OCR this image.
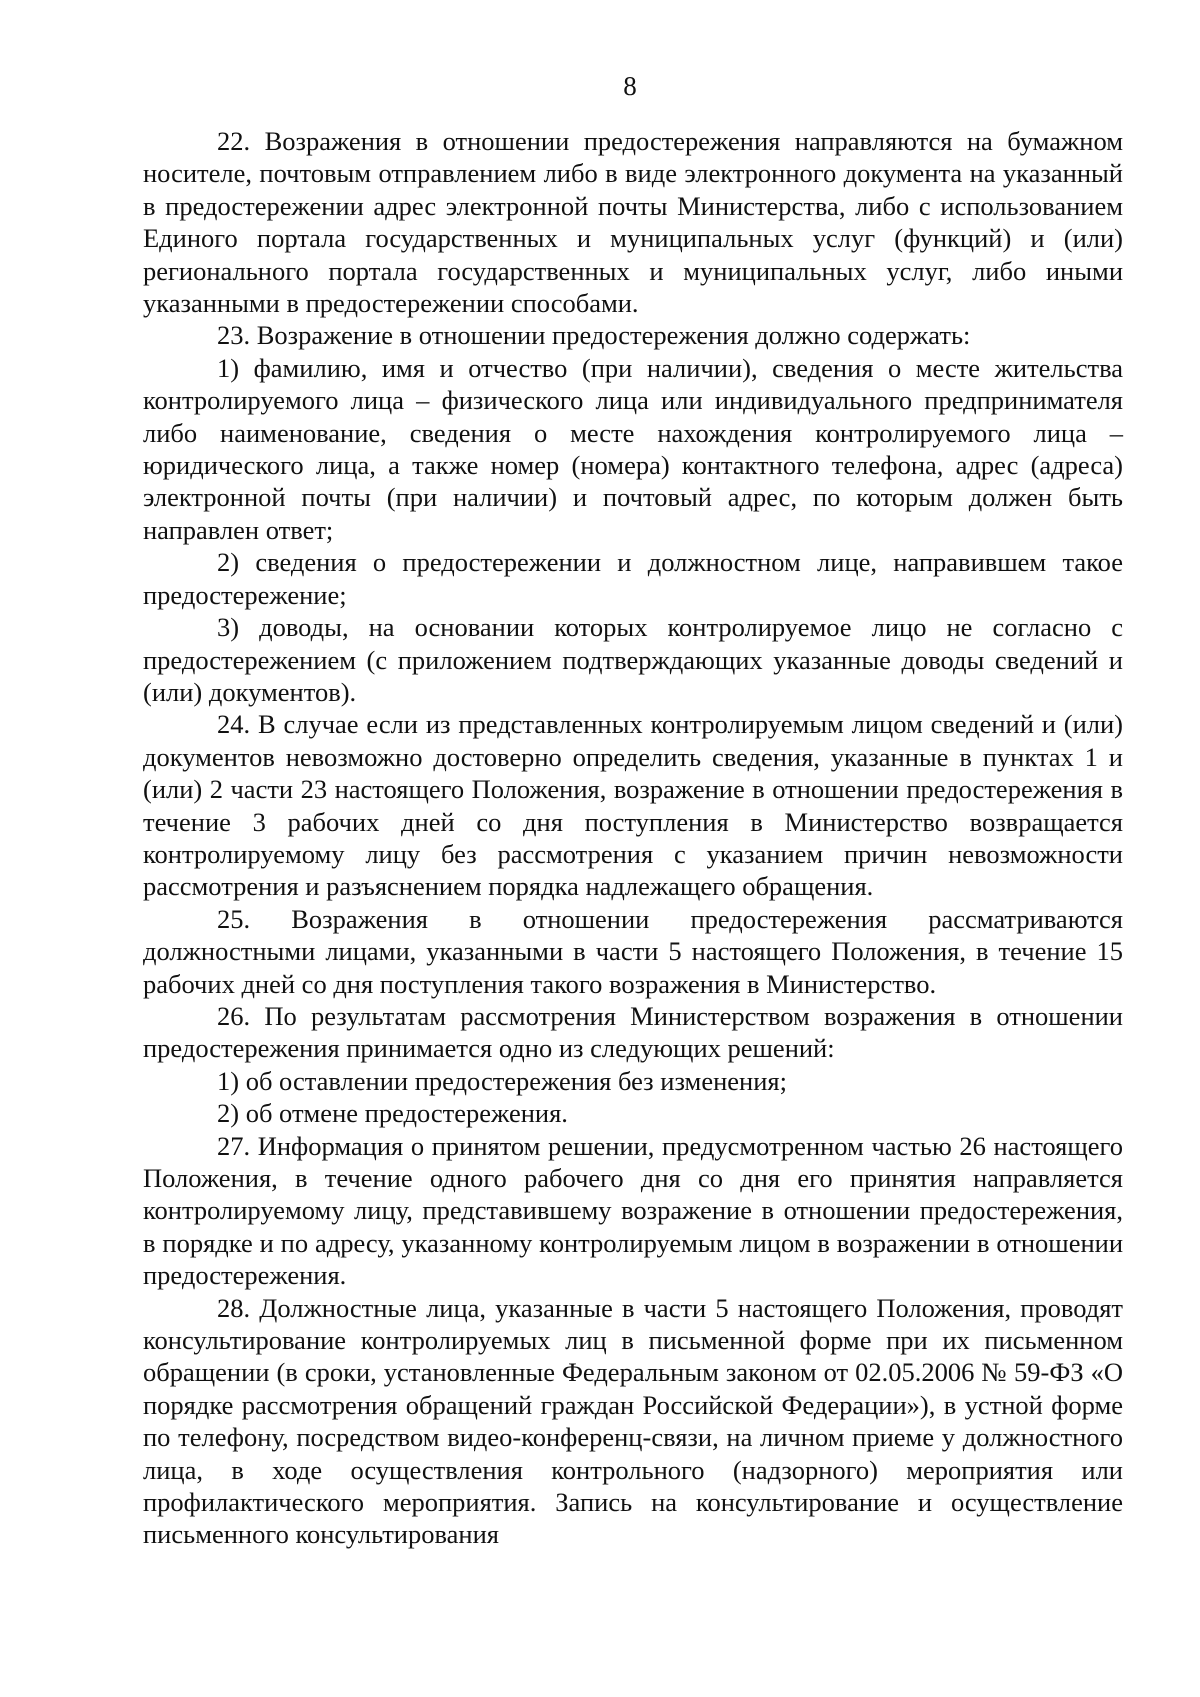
8

22. Возражения в отношении предостережения направляются на бумажном носителе, почтовым отправлением либо в виде электронного документа на указанный в предостережении адрес электронной почты Министерства, либо с использованием Единого портала государственных и муниципальных услуг (функций) и (или) регионального портала государственных и муниципальных услуг, либо иными указанными в предостережении способами.

23. Возражение в отношении предостережения должно содержать:

1) фамилию, имя и отчество (при наличии), сведения о месте жительства контролируемого лица – физического лица или индивидуального предпринимателя либо наименование, сведения о месте нахождения контролируемого лица – юридического лица, а также номер (номера) контактного телефона, адрес (адреса) электронной почты (при наличии) и почтовый адрес, по которым должен быть направлен ответ;

2) сведения о предостережении и должностном лице, направившем такое предостережение;

3) доводы, на основании которых контролируемое лицо не согласно с предостережением (с приложением подтверждающих указанные доводы сведений и (или) документов).

24. В случае если из представленных контролируемым лицом сведений и (или) документов невозможно достоверно определить сведения, указанные в пунктах 1 и (или) 2 части 23 настоящего Положения, возражение в отношении предостережения в течение 3 рабочих дней со дня поступления в Министерство возвращается контролируемому лицу без рассмотрения с указанием причин невозможности рассмотрения и разъяснением порядка надлежащего обращения.

25. Возражения в отношении предостережения рассматриваются должностными лицами, указанными в части 5 настоящего Положения, в течение 15 рабочих дней со дня поступления такого возражения в Министерство.

26. По результатам рассмотрения Министерством возражения в отношении предостережения принимается одно из следующих решений:

1) об оставлении предостережения без изменения;

2) об отмене предостережения.

27. Информация о принятом решении, предусмотренном частью 26 настоящего Положения, в течение одного рабочего дня со дня его принятия направляется контролируемому лицу, представившему возражение в отношении предостережения, в порядке и по адресу, указанному контролируемым лицом в возражении в отношении предостережения.

28. Должностные лица, указанные в части 5 настоящего Положения, проводят консультирование контролируемых лиц в письменной форме при их письменном обращении (в сроки, установленные Федеральным законом от 02.05.2006 № 59-ФЗ «О порядке рассмотрения обращений граждан Российской Федерации»), в устной форме по телефону, посредством видео-конференц-связи, на личном приеме у должностного лица, в ходе осуществления контрольного (надзорного) мероприятия или профилактического мероприятия. Запись на консультирование и осуществление письменного консультирования
